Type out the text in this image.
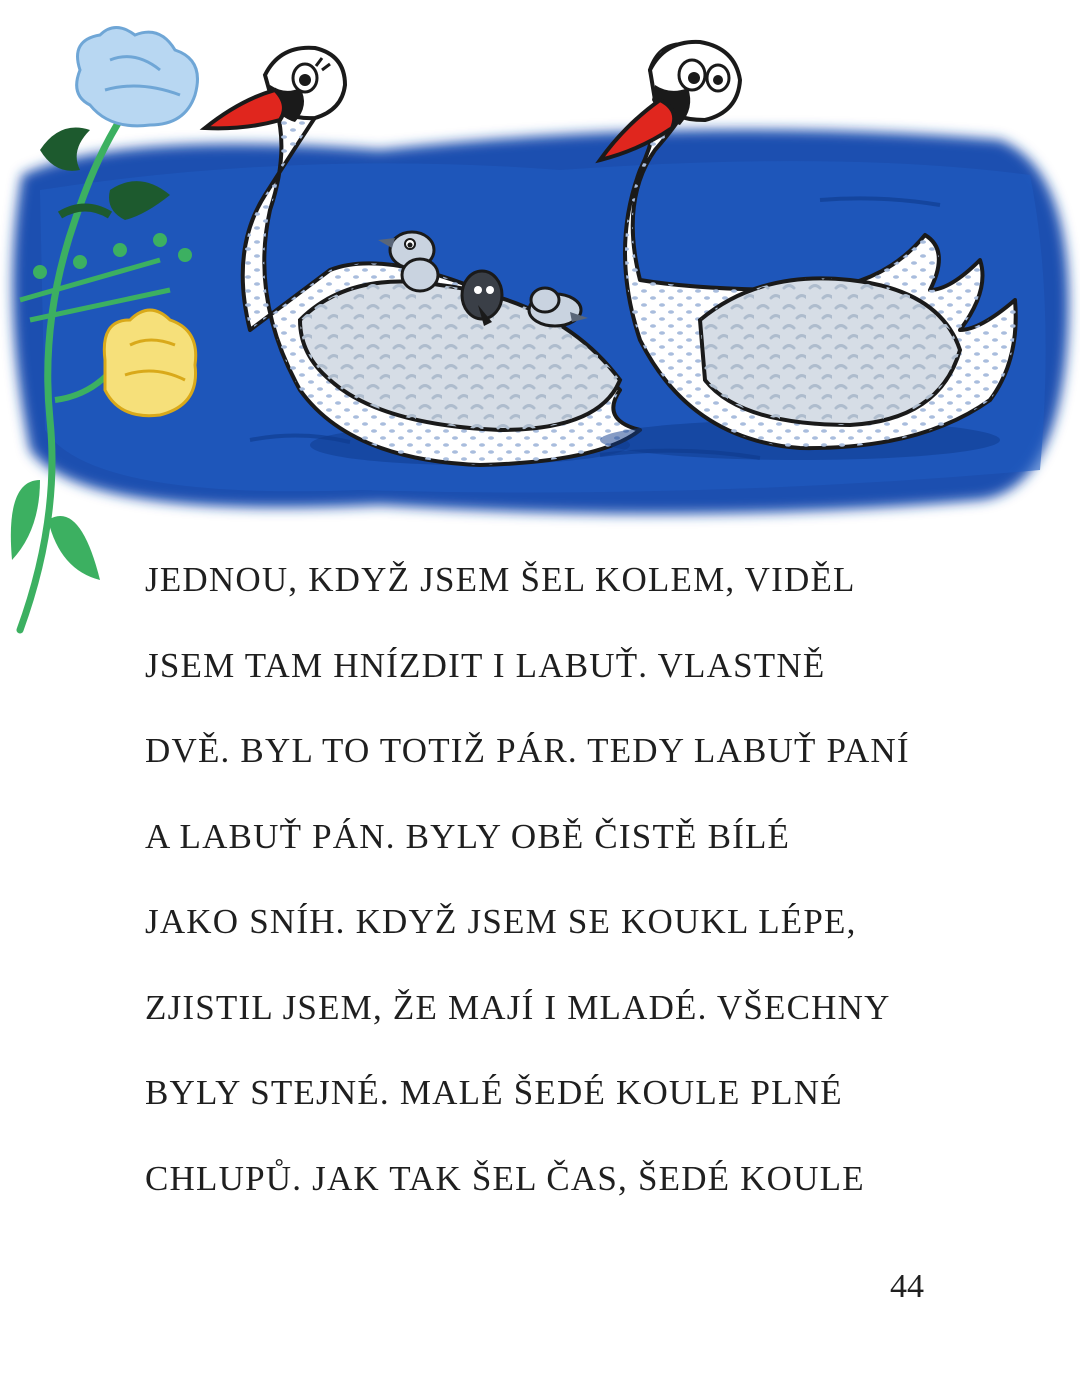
JEDNOU, KDYŽ JSEM ŠEL KOLEM, VIDĚL
JSEM TAM HNÍZDIT I LABUŤ. VLASTNĚ
DVĚ. BYL TO TOTIŽ PÁR. TEDY LABUŤ PANÍ
A LABUŤ PÁN. BYLY OBĚ ČISTĚ BÍLÉ
JAKO SNÍH. KDYŽ JSEM SE KOUKL LÉPE,
ZJISTIL JSEM, ŽE MAJÍ I MLADÉ. VŠECHNY
BYLY STEJNÉ. MALÉ ŠEDÉ KOULE PLNÉ
CHLUPŮ. JAK TAK ŠEL ČAS, ŠEDÉ KOULE
44
